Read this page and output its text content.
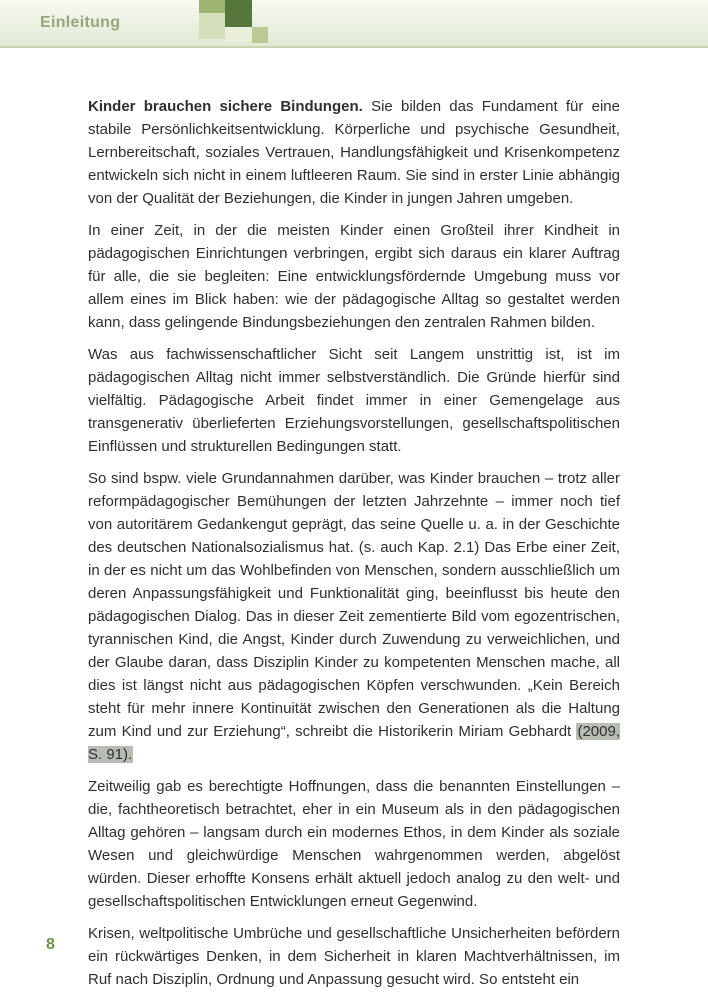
Einleitung

Kinder brauchen sichere Bindungen. Sie bilden das Fundament für eine stabile Persönlichkeitsentwicklung. Körperliche und psychische Gesundheit, Lernbereitschaft, soziales Vertrauen, Handlungsfähigkeit und Krisenkompetenz entwickeln sich nicht in einem luftleeren Raum. Sie sind in erster Linie abhängig von der Qualität der Beziehungen, die Kinder in jungen Jahren umgeben.

In einer Zeit, in der die meisten Kinder einen Großteil ihrer Kindheit in pädagogischen Einrichtungen verbringen, ergibt sich daraus ein klarer Auftrag für alle, die sie begleiten: Eine entwicklungsfördernde Umgebung muss vor allem eines im Blick haben: wie der pädagogische Alltag so gestaltet werden kann, dass gelingende Bindungsbeziehungen den zentralen Rahmen bilden.

Was aus fachwissenschaftlicher Sicht seit Langem unstrittig ist, ist im pädagogischen Alltag nicht immer selbstverständlich. Die Gründe hierfür sind vielfältig. Pädagogische Arbeit findet immer in einer Gemengelage aus transgenerativ überlieferten Erziehungsvorstellungen, gesellschaftspolitischen Einflüssen und strukturellen Bedingungen statt.

So sind bspw. viele Grundannahmen darüber, was Kinder brauchen – trotz aller reformpädagogischer Bemühungen der letzten Jahrzehnte – immer noch tief von autoritärem Gedankengut geprägt, das seine Quelle u. a. in der Geschichte des deutschen Nationalsozialismus hat. (s. auch Kap. 2.1) Das Erbe einer Zeit, in der es nicht um das Wohlbefinden von Menschen, sondern ausschließlich um deren Anpassungsfähigkeit und Funktionalität ging, beeinflusst bis heute den pädagogischen Dialog. Das in dieser Zeit zementierte Bild vom egozentrischen, tyrannischen Kind, die Angst, Kinder durch Zuwendung zu verweichlichen, und der Glaube daran, dass Disziplin Kinder zu kompetenten Menschen mache, all dies ist längst nicht aus pädagogischen Köpfen verschwunden. „Kein Bereich steht für mehr innere Kontinuität zwischen den Generationen als die Haltung zum Kind und zur Erziehung“, schreibt die Historikerin Miriam Gebhardt (2009, S. 91).

Zeitweilig gab es berechtigte Hoffnungen, dass die benannten Einstellungen – die, fachtheoretisch betrachtet, eher in ein Museum als in den pädagogischen Alltag gehören – langsam durch ein modernes Ethos, in dem Kinder als soziale Wesen und gleichwürdige Menschen wahrgenommen werden, abgelöst würden. Dieser erhoffte Konsens erhält aktuell jedoch analog zu den welt- und gesellschaftspolitischen Entwicklungen erneut Gegenwind.

Krisen, weltpolitische Umbrüche und gesellschaftliche Unsicherheiten befördern ein rückwärtiges Denken, in dem Sicherheit in klaren Machtverhältnissen, im Ruf nach Disziplin, Ordnung und Anpassung gesucht wird. So entsteht ein

8
